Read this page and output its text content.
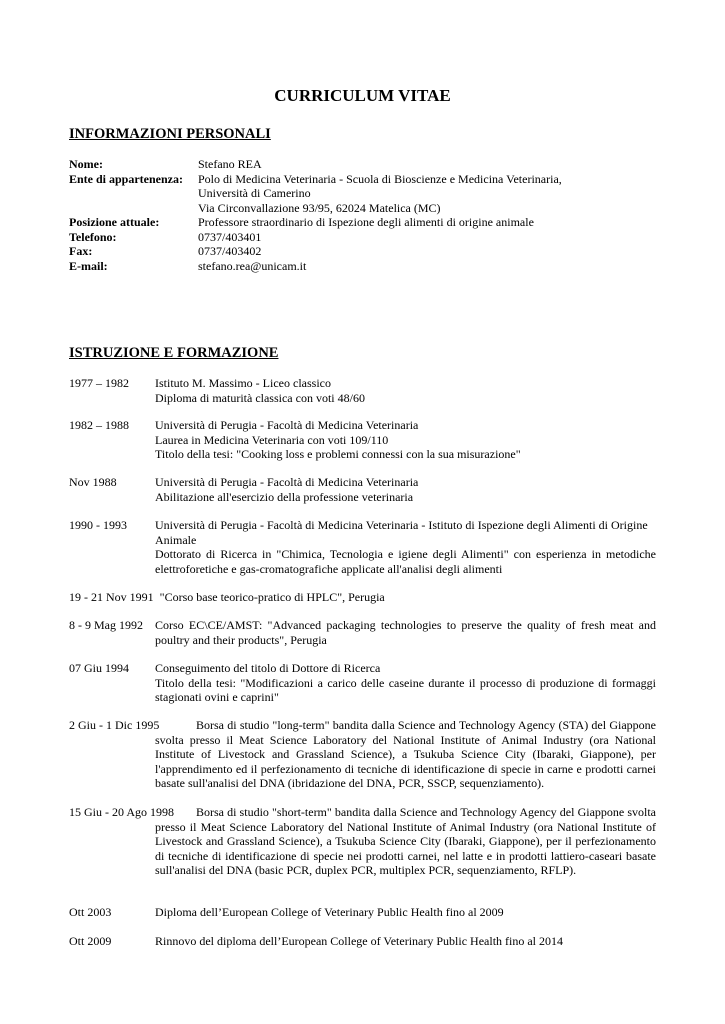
CURRICULUM VITAE
INFORMAZIONI PERSONALI
Nome:	Stefano REA
Ente di appartenenza:	Polo di Medicina Veterinaria - Scuola di Bioscienze e Medicina Veterinaria,
Università di Camerino
Via Circonvallazione 93/95, 62024 Matelica (MC)
Posizione attuale:	Professore straordinario di Ispezione degli alimenti di origine animale
Telefono:	0737/403401
Fax:	0737/403402
E-mail:	stefano.rea@unicam.it
ISTRUZIONE E FORMAZIONE
1977 – 1982 Istituto M. Massimo - Liceo classico
Diploma di maturità classica con voti 48/60
1982 – 1988 Università di Perugia - Facoltà di Medicina Veterinaria
Laurea in Medicina Veterinaria con voti 109/110
Titolo della tesi: "Cooking loss e problemi connessi con la sua misurazione"
Nov 1988	Università di Perugia - Facoltà di Medicina Veterinaria
Abilitazione all'esercizio della professione veterinaria
1990 - 1993 Università di Perugia - Facoltà di Medicina Veterinaria - Istituto di Ispezione degli Alimenti di Origine Animale
Dottorato di Ricerca in "Chimica, Tecnologia e igiene degli Alimenti" con esperienza in metodiche elettroforetiche e gas-cromatografiche applicate all'analisi degli alimenti
19 - 21 Nov 1991 "Corso base teorico-pratico di HPLC", Perugia
8 - 9 Mag 1992 Corso EC\CE/AMST: "Advanced packaging technologies to preserve the quality of fresh meat and poultry and their products", Perugia
07 Giu 1994 Conseguimento del titolo di Dottore di Ricerca
Titolo della tesi: "Modificazioni a carico delle caseine durante il processo di produzione di formaggi stagionati ovini e caprini"
2 Giu - 1 Dic 1995	Borsa di studio "long-term" bandita dalla Science and Technology Agency (STA) del Giappone svolta presso il Meat Science Laboratory del National Institute of Animal Industry (ora National Institute of Livestock and Grassland Science), a Tsukuba Science City (Ibaraki, Giappone), per l'apprendimento ed il perfezionamento di tecniche di identificazione di specie in carne e prodotti carnei basate sull'analisi del DNA (ibridazione del DNA, PCR, SSCP, sequenziamento).
15 Giu - 20 Ago 1998 Borsa di studio "short-term" bandita dalla Science and Technology Agency del Giappone svolta presso il Meat Science Laboratory del National Institute of Animal Industry (ora National Institute of Livestock and Grassland Science), a Tsukuba Science City (Ibaraki, Giappone), per il perfezionamento di tecniche di identificazione di specie nei prodotti carnei, nel latte e in prodotti lattiero-caseari basate sull'analisi del DNA (basic PCR, duplex PCR, multiplex PCR, sequenziamento, RFLP).
Ott 2003	Diploma dell’European College of Veterinary Public Health fino al 2009
Ott 2009	Rinnovo del diploma dell’European College of Veterinary Public Health fino al 2014
